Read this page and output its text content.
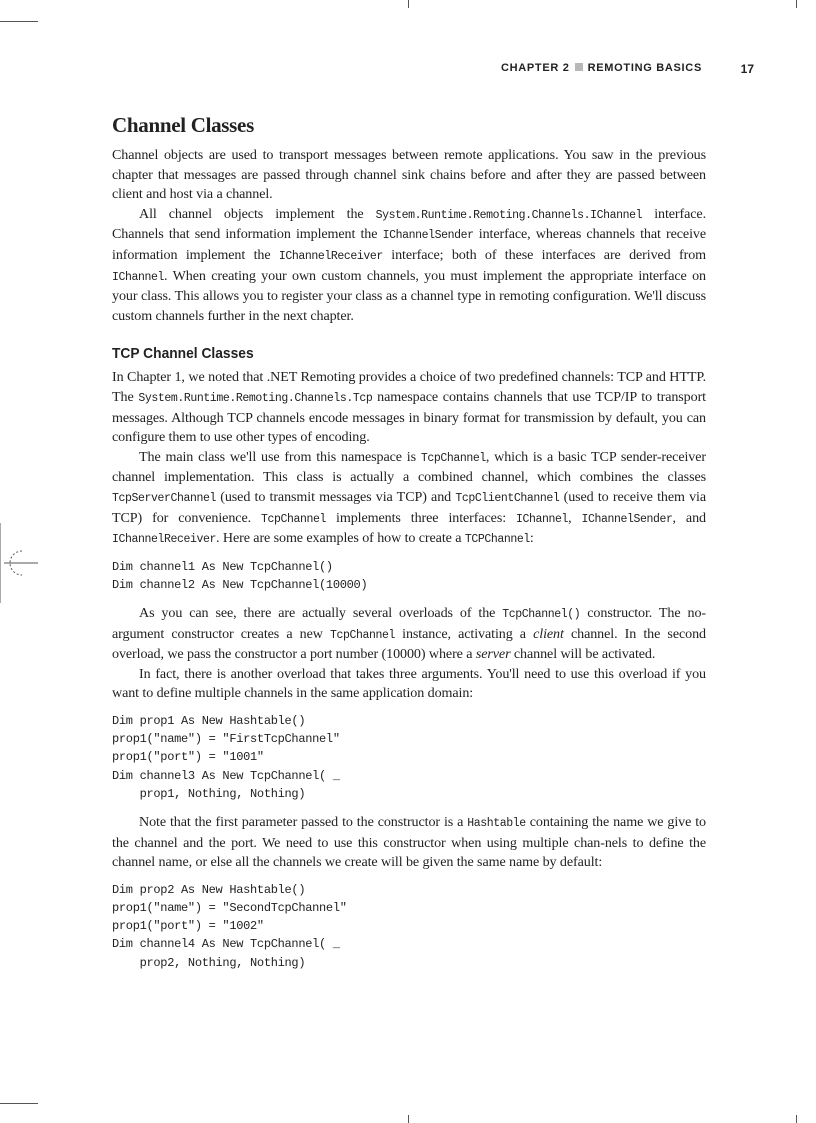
CHAPTER 2 REMOTING BASICS	17
Channel Classes

Channel objects are used to transport messages between remote applications. You saw in the previous chapter that messages are passed through channel sink chains before and after they are passed between client and host via a channel.

All channel objects implement the System.Runtime.Remoting.Channels.IChannel interface. Channels that send information implement the IChannelSender interface, whereas channels that receive information implement the IChannelReceiver interface; both of these interfaces are derived from IChannel. When creating your own custom channels, you must implement the appropriate interface on your class. This allows you to register your class as a channel type in remoting configuration. We'll discuss custom channels further in the next chapter.

TCP Channel Classes

In Chapter 1, we noted that .NET Remoting provides a choice of two predefined channels: TCP and HTTP. The System.Runtime.Remoting.Channels.Tcp namespace contains channels that use TCP/IP to transport messages. Although TCP channels encode messages in binary format for transmission by default, you can configure them to use other types of encoding.

The main class we'll use from this namespace is TcpChannel, which is a basic TCP sender-receiver channel implementation. This class is actually a combined channel, which combines the classes TcpServerChannel (used to transmit messages via TCP) and TcpClientChannel (used to receive them via TCP) for convenience. TcpChannel implements three interfaces: IChannel, IChannelSender, and IChannelReceiver. Here are some examples of how to create a TCPChannel:

Dim channel1 As New TcpChannel()
Dim channel2 As New TcpChannel(10000)

As you can see, there are actually several overloads of the TcpChannel() constructor. The no-argument constructor creates a new TcpChannel instance, activating a client channel. In the second overload, we pass the constructor a port number (10000) where a server channel will be activated.

In fact, there is another overload that takes three arguments. You'll need to use this overload if you want to define multiple channels in the same application domain:

Dim prop1 As New Hashtable()
prop1("name") = "FirstTcpChannel"
prop1("port") = "1001"
Dim channel3 As New TcpChannel( _
prop1, Nothing, Nothing)

Note that the first parameter passed to the constructor is a Hashtable containing the name we give to the channel and the port. We need to use this constructor when using multiple chan-nels to define the channel name, or else all the channels we create will be given the same name by default:

Dim prop2 As New Hashtable()
prop1("name") = "SecondTcpChannel"
prop1("port") = "1002"
Dim channel4 As New TcpChannel( _
prop2, Nothing, Nothing)
